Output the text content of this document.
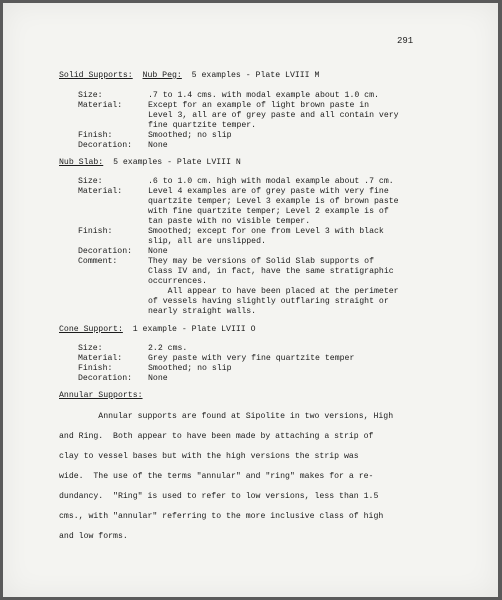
291
Solid Supports: Nub Peg: 5 examples - Plate LVIII M
Size:	.7 to 1.4 cms. with modal example about 1.0 cm.
Material:	Except for an example of light brown paste in
Level 3, all are of grey paste and all contain very
fine quartzite temper.
Finish:	Smoothed; no slip
Decoration:	None
Nub Slab: 5 examples - Plate LVIII N
Size:	.6 to 1.0 cm. high with modal example about .7 cm.
Material:	Level 4 examples are of grey paste with very fine
quartzite temper; Level 3 example is of brown paste
with fine quartzite temper; Level 2 example is of
tan paste with no visible temper.
Finish:	Smoothed; except for one from Level 3 with black
slip, all are unslipped.
Decoration:	None
Comment:	They may be versions of Solid Slab supports of
Class IV and, in fact, have the same stratigraphic
occurrences.
All appear to have been placed at the perimeter
of vessels having slightly outflaring straight or
nearly straight walls.
Cone Support: 1 example - Plate LVIII O
Size:	2.2 cms.
Material:	Grey paste with very fine quartzite temper
Finish:	Smoothed; no slip
Decoration:	None
Annular Supports:
Annular supports are found at Sipolite in two versions, High
and Ring.  Both appear to have been made by attaching a strip of
clay to vessel bases but with the high versions the strip was
wide.  The use of the terms "annular" and "ring" makes for a re-
dundancy.  "Ring" is used to refer to low versions, less than 1.5
cms., with "annular" referring to the more inclusive class of high
and low forms.
